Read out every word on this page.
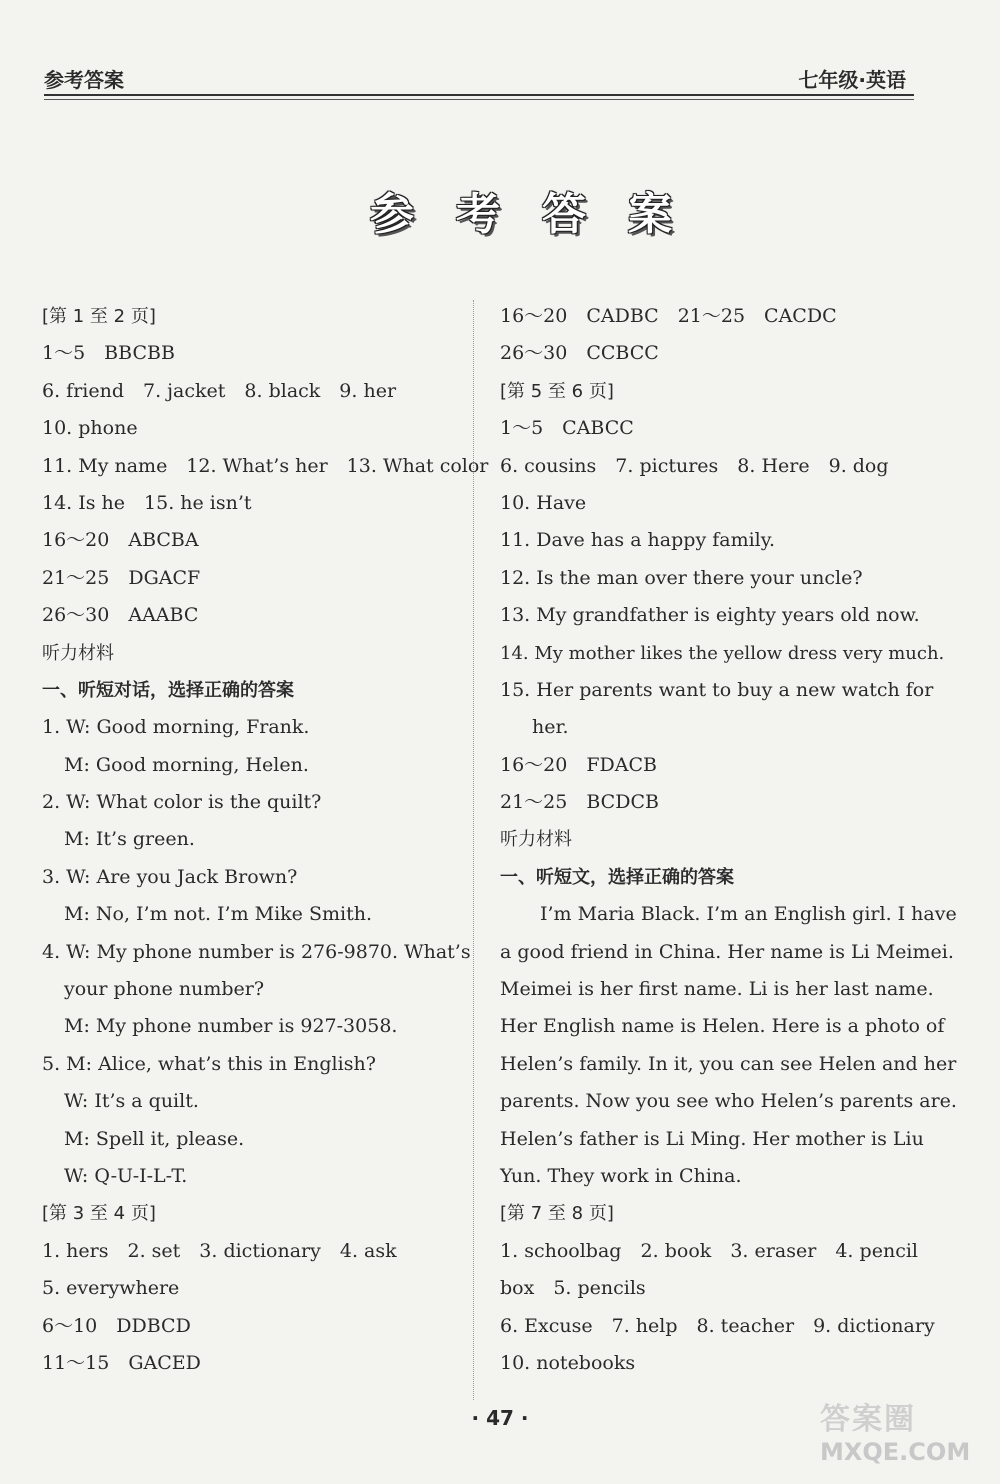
参考答案	七年级·英语
参考答案
[第 1 至 2 页]
1～5　BBCBB
6. friend　7. jacket　8. black　9. her
10. phone
11. My name　12. What’s her　13. What color
14. Is he　15. he isn’t
16～20　ABCBA
21～25　DGACF
26～30　AAABC
听力材料
一、听短对话，选择正确的答案
1. W: Good morning, Frank.
M: Good morning, Helen.
2. W: What color is the quilt?
M: It’s green.
3. W: Are you Jack Brown?
M: No, I’m not. I’m Mike Smith.
4. W: My phone number is 276-9870. What’s
your phone number?
M: My phone number is 927-3058.
5. M: Alice, what’s this in English?
W: It’s a quilt.
M: Spell it, please.
W: Q-U-I-L-T.
[第 3 至 4 页]
1. hers　2. set　3. dictionary　4. ask
5. everywhere
6～10　DDBCD
11～15　GACED
16～20　CADBC　21～25　CACDC
26～30　CCBCC
[第 5 至 6 页]
1～5　CABCC
6. cousins　7. pictures　8. Here　9. dog
10. Have
11. Dave has a happy family.
12. Is the man over there your uncle?
13. My grandfather is eighty years old now.
14. My mother likes the yellow dress very much.
15. Her parents want to buy a new watch for
her.
16～20　FDACB
21～25　BCDCB
听力材料
一、听短文，选择正确的答案
I’m Maria Black. I’m an English girl. I have
a good friend in China. Her name is Li Meimei.
Meimei is her first name. Li is her last name.
Her English name is Helen. Here is a photo of
Helen’s family. In it, you can see Helen and her
parents. Now you see who Helen’s parents are.
Helen’s father is Li Ming. Her mother is Liu
Yun. They work in China.
[第 7 至 8 页]
1. schoolbag　2. book　3. eraser　4. pencil
box　5. pencils
6. Excuse　7. help　8. teacher　9. dictionary
10. notebooks
· 47 ·	答案圈
MXQE.COM
